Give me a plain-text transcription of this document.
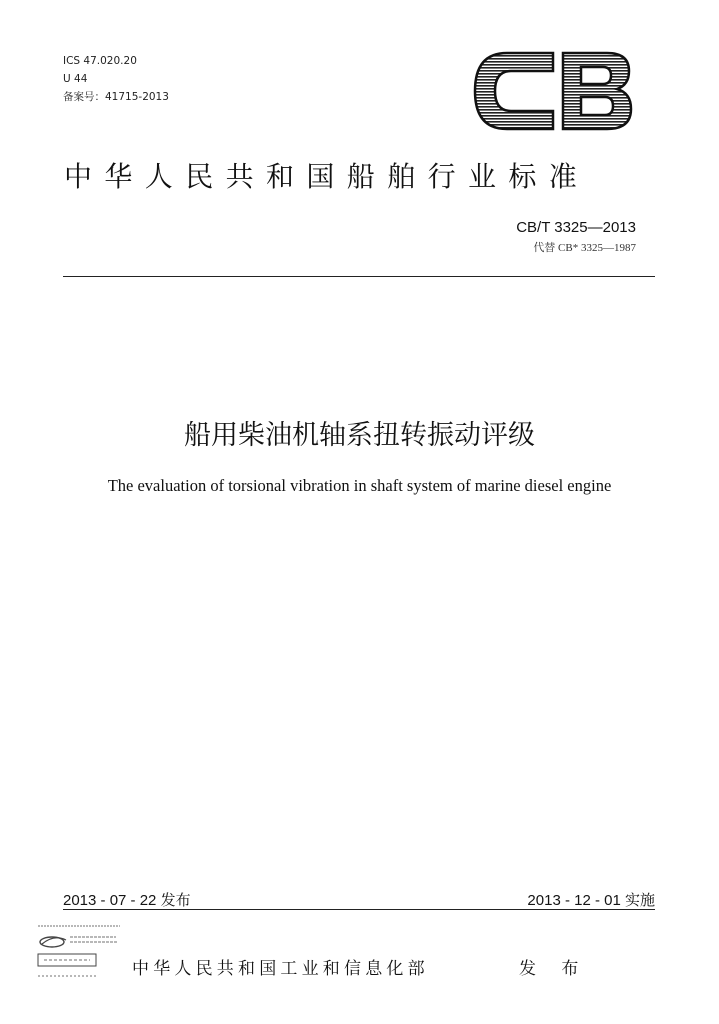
ICS 47.020.20
U 44
备案号：41715-2013	CB
中华人民共和国船舶行业标准
CB/T 3325—2013
代替 CB* 3325—1987
船用柴油机轴系扭转振动评级
The evaluation of torsional vibration in shaft system of marine diesel engine
2013 - 07 - 22 发布	2013 - 12 - 01 实施
中华人民共和国工业和信息化部	发 布
